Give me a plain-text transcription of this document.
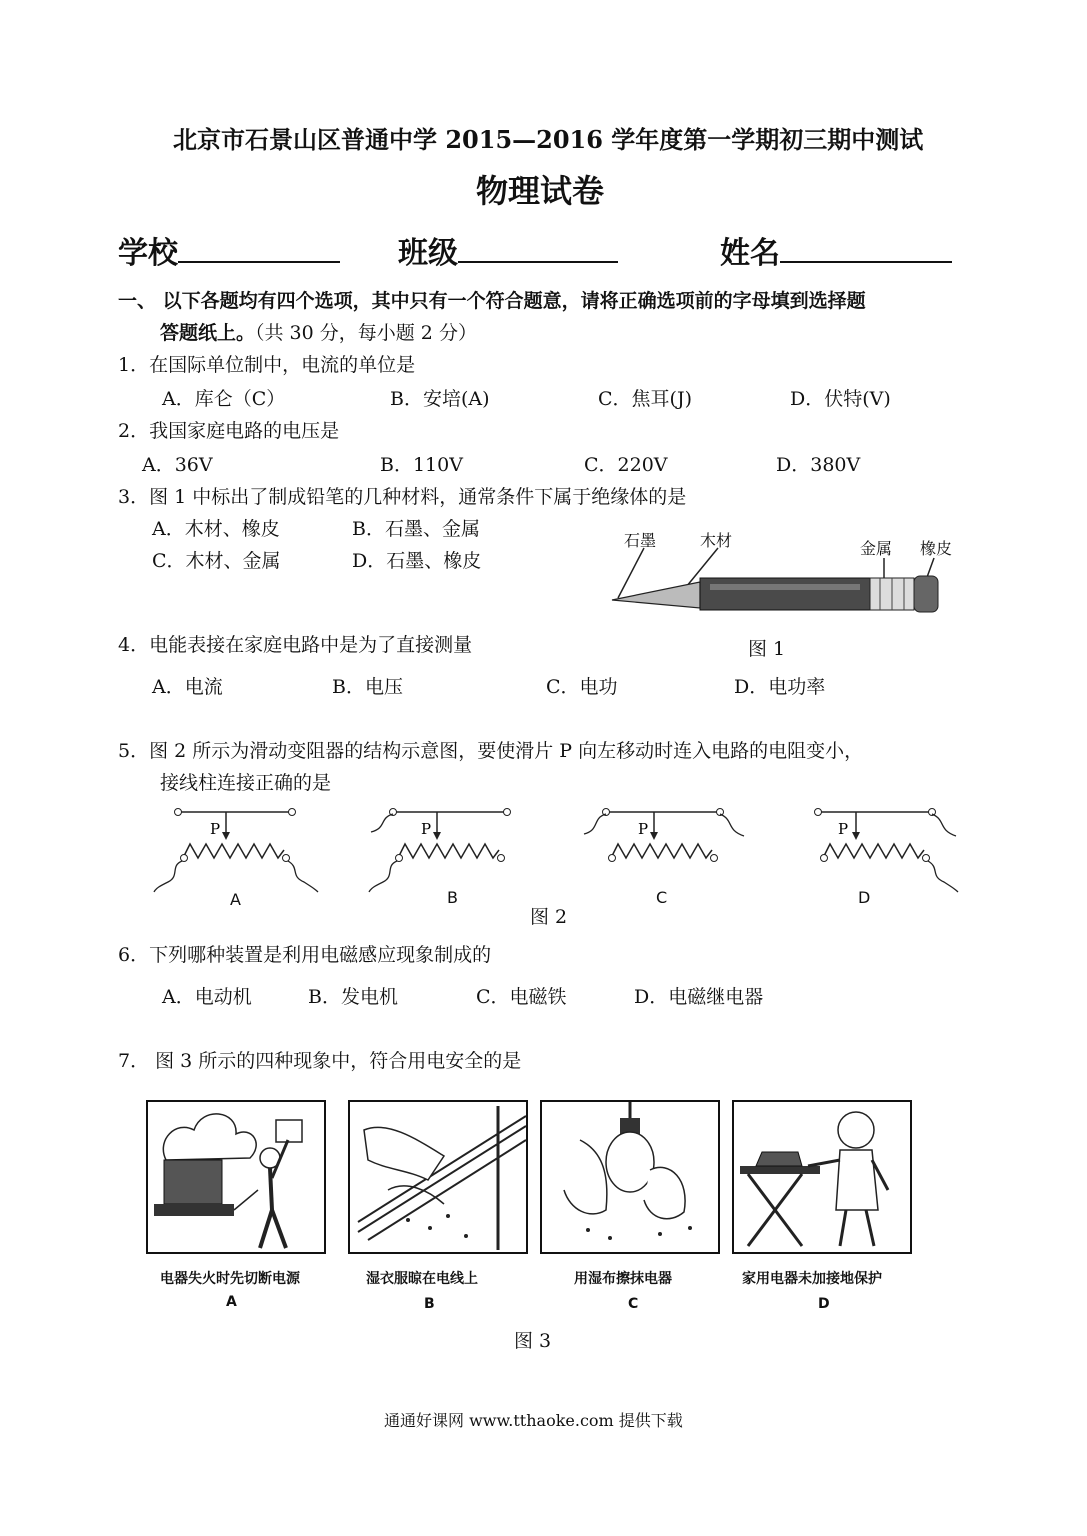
北京市石景山区普通中学 2015—2016 学年度第一学期初三期中测试
物理试卷
学校	班级	姓名
一、 以下各题均有四个选项，其中只有一个符合题意，请将正确选项前的字母填到选择题
答题纸上。（共 30 分，每小题 2 分）
1．在国际单位制中，电流的单位是
A．库仑（C）	B．安培(A)	C．焦耳(J)	D．伏特(V)
2．我国家庭电路的电压是
A．36V	B．110V	C．220V	D．380V
3．图 1 中标出了制成铅笔的几种材料，通常条件下属于绝缘体的是
A．木材、橡皮	B．石墨、金属
C．木材、金属	D．石墨、橡皮
石墨	木材	金属 橡皮
图 1
4．电能表接在家庭电路中是为了直接测量
A．电流	B．电压	C．电功	D．电功率
5．图 2 所示为滑动变阻器的结构示意图，要使滑片 P 向左移动时连入电路的电阻变小，
接线柱连接正确的是
P	P	P	P
A	B	C	D
图 2
6．下列哪种装置是利用电磁感应现象制成的
A．电动机	B．发电机	C．电磁铁	D．电磁继电器
7． 图 3 所示的四种现象中，符合用电安全的是
电器失火时先切断电源	湿衣服晾在电线上	用湿布擦抹电器	家用电器未加接地保护
A	B	C	D
图 3
通通好课网 www.tthaoke.com 提供下载
